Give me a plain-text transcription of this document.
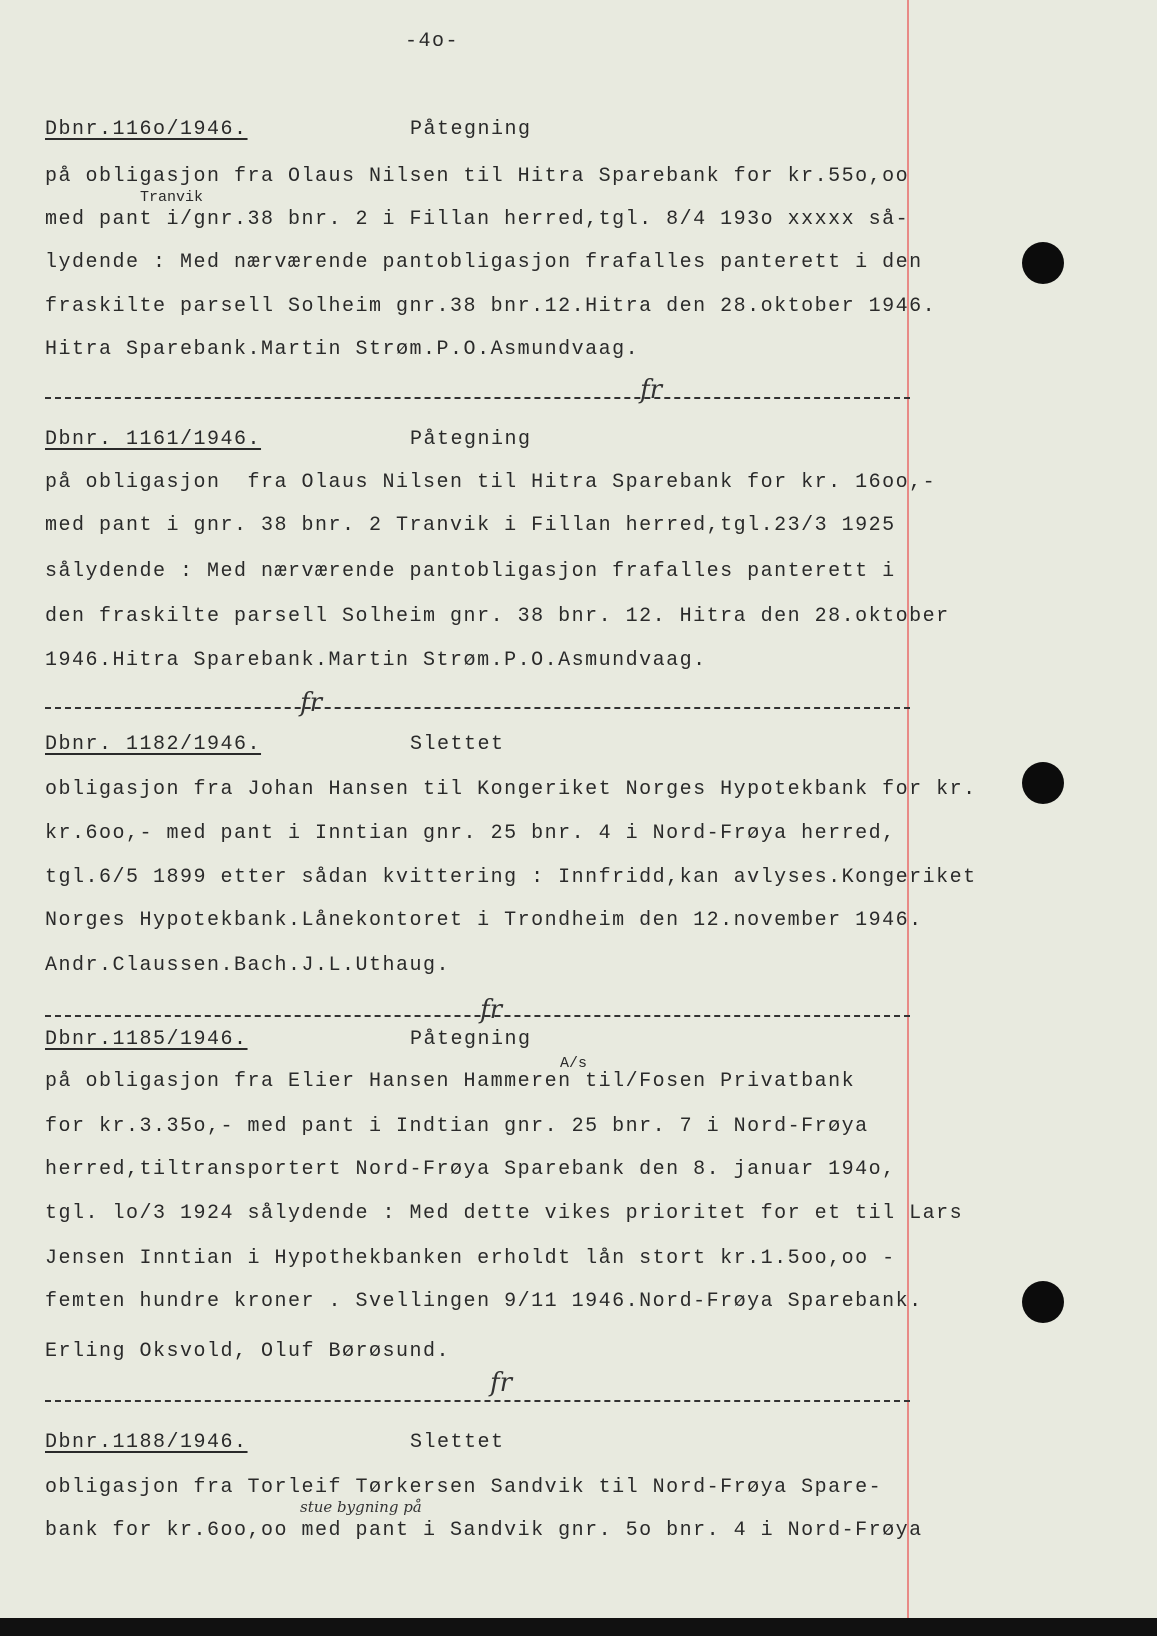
-4o-
Dbnr.116o/1946.	Påtegning
på obligasjon fra Olaus Nilsen til Hitra Sparebank for kr.55o,oo
med pant i/gnr.38 bnr. 2 i Fillan herred,tgl. 8/4 193o xxxxx så-
lydende : Med nærværende pantobligasjon frafalles panterett i den
fraskilte parsell Solheim gnr.38 bnr.12.Hitra den 28.oktober 1946.
Hitra Sparebank.Martin Strøm.P.O.Asmundvaag.
Tranvik
fr
Dbnr. 1161/1946.	Påtegning
på obligasjon  fra Olaus Nilsen til Hitra Sparebank for kr. 16oo,-
med pant i gnr. 38 bnr. 2 Tranvik i Fillan herred,tgl.23/3 1925
sålydende : Med nærværende pantobligasjon frafalles panterett i
den fraskilte parsell Solheim gnr. 38 bnr. 12. Hitra den 28.oktober
1946.Hitra Sparebank.Martin Strøm.P.O.Asmundvaag.
fr
Dbnr. 1182/1946.	Slettet
obligasjon fra Johan Hansen til Kongeriket Norges Hypotekbank for kr.
kr.6oo,- med pant i Inntian gnr. 25 bnr. 4 i Nord-Frøya herred,
tgl.6/5 1899 etter sådan kvittering : Innfridd,kan avlyses.Kongeriket
Norges Hypotekbank.Lånekontoret i Trondheim den 12.november 1946.
Andr.Claussen.Bach.J.L.Uthaug.
fr
Dbnr.1185/1946.	Påtegning
på obligasjon fra Elier Hansen Hammeren til/Fosen Privatbank
for kr.3.35o,- med pant i Indtian gnr. 25 bnr. 7 i Nord-Frøya
herred,tiltransportert Nord-Frøya Sparebank den 8. januar 194o,
tgl. lo/3 1924 sålydende : Med dette vikes prioritet for et til Lars
Jensen Inntian i Hypothekbanken erholdt lån stort kr.1.5oo,oo -
femten hundre kroner . Svellingen 9/11 1946.Nord-Frøya Sparebank.
Erling Oksvold, Oluf Børøsund.
A/s
fr
Dbnr.1188/1946.	Slettet
obligasjon fra Torleif Tørkersen Sandvik til Nord-Frøya Spare-
bank for kr.6oo,oo med pant i Sandvik gnr. 5o bnr. 4 i Nord-Frøya
stue bygning på
